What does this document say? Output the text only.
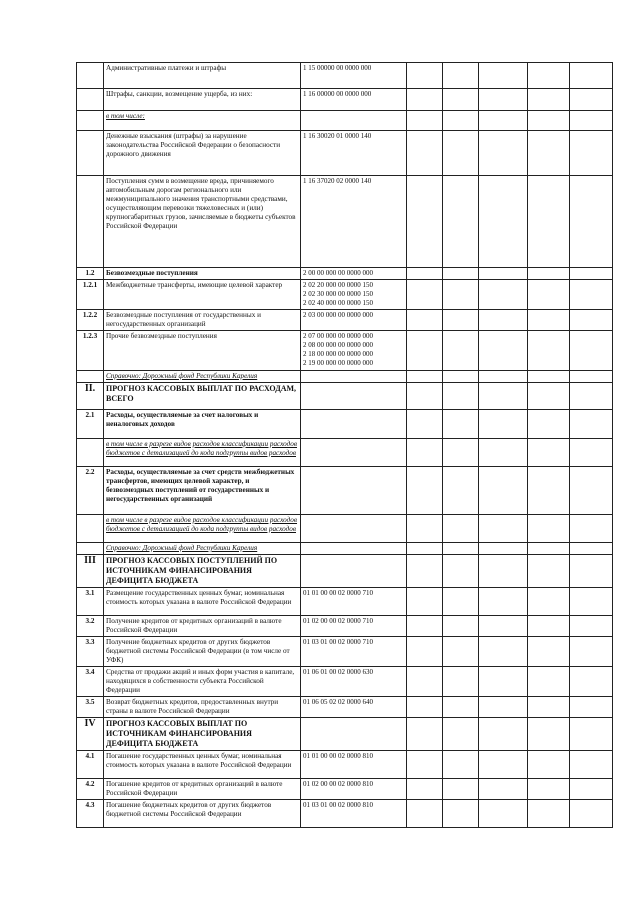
	Административные платежи и штрафы	1 15 00000 00 0000 000					
	Штрафы, санкции, возмещение ущерба, из них:	1 16 00000 00 0000 000					
	в том числе:						
	Денежные взыскания (штрафы) за нарушение законодательства Российской Федерации о безопасности дорожного движения	1 16 30020 01 0000 140					
	Поступления сумм в возмещение вреда, причиняемого автомобильным дорогам регионального или межмуниципального значения транспортными средствами, осуществляющим перевозки тяжеловесных и (или) крупногабаритных грузов, зачисляемые в бюджеты субъектов Российской Федерации	1 16 37020 02 0000 140					
1.2	Безвозмездные поступления	2 00 00 000 00 0000 000					
1.2.1	Межбюджетные трансферты, имеющие целевой характер	2 02 20 000 00 0000 150
2 02 30 000 00 0000 150
2 02 40 000 00 0000 150					
1.2.2	Безвозмездные поступления от государственных и негосударственных организаций	2 03 00 000 00 0000 000					
1.2.3	Прочие безвозмездные поступления	2 07 00 000 00 0000 000
2 08 00 000 00 0000 000
2 18 00 000 00 0000 000
2 19 00 000 00 0000 000					
	Справочно: Дорожный фонд Республики Карелия						
II.	ПРОГНОЗ КАССОВЫХ ВЫПЛАТ ПО РАСХОДАМ, ВСЕГО						
2.1	Расходы, осуществляемые за счет налоговых и неналоговых доходов						
	в том числе в разрезе видов расходов классификации расходов бюджетов с детализацией до кода подгруппы видов расходов						
2.2	Расходы, осуществляемые за счет средств межбюджетных трансфертов, имеющих целевой характер, и безвозмездных поступлений от государственных и негосударственных организаций						
	в том числе в разрезе видов расходов классификации расходов бюджетов с детализацией до кода подгруппы видов расходов						
	Справочно: Дорожный фонд Республики Карелия						
III	ПРОГНОЗ КАССОВЫХ ПОСТУПЛЕНИЙ ПО ИСТОЧНИКАМ ФИНАНСИРОВАНИЯ ДЕФИЦИТА БЮДЖЕТА						
3.1	Размещение государственных ценных бумаг, номинальная стоимость которых указана в валюте Российской Федерации	01 01 00 00 02 0000 710					
3.2	Получение кредитов от кредитных организаций в валюте Российской Федерации	01 02 00 00 02 0000 710					
3.3	Получение бюджетных кредитов от других бюджетов бюджетной системы Российской Федерации (в том числе от УФК)	01 03 01 00 02 0000 710					
3.4	Средства от продажи акций и иных форм участия в капитале, находящихся в собственности субъекта Российской Федерации	01 06 01 00 02 0000 630					
3.5	Возврат бюджетных кредитов, предоставленных внутри страны в валюте Российской Федерации	01 06 05 02 02 0000 640					
IV	ПРОГНОЗ КАССОВЫХ ВЫПЛАТ ПО ИСТОЧНИКАМ ФИНАНСИРОВАНИЯ ДЕФИЦИТА БЮДЖЕТА						
4.1	Погашение государственных ценных бумаг, номинальная стоимость которых указана в валюте Российской Федерации	01 01 00 00 02 0000 810					
4.2	Погашение кредитов от кредитных организаций в валюте Российской Федерации	01 02 00 00 02 0000 810					
4.3	Погашение бюджетных кредитов от других бюджетов бюджетной системы Российской Федерации	01 03 01 00 02 0000 810					
